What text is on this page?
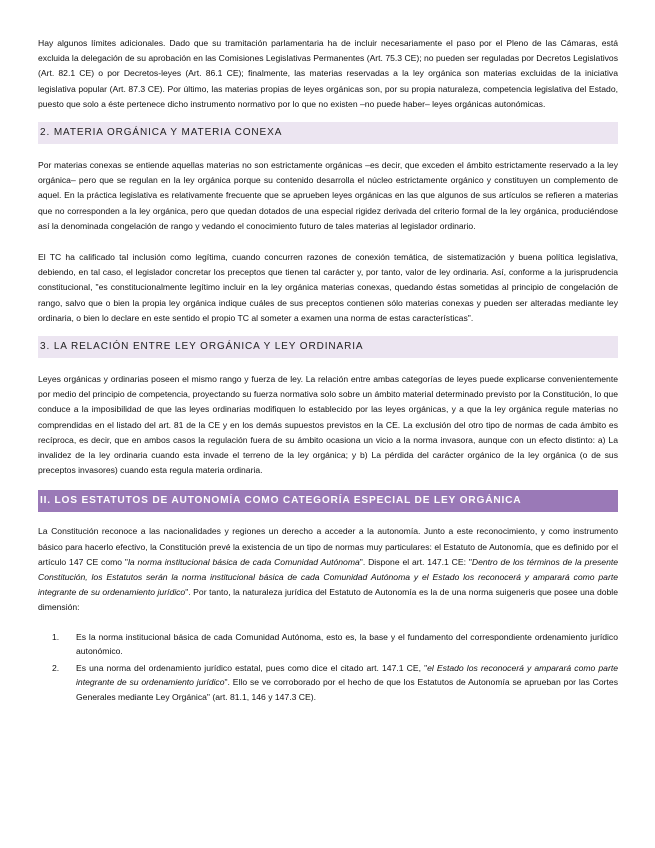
Hay algunos límites adicionales. Dado que su tramitación parlamentaria ha de incluir necesariamente el paso por el Pleno de las Cámaras, está excluida la delegación de su aprobación en las Comisiones Legislativas Permanentes (Art. 75.3 CE); no pueden ser reguladas por Decretos Legislativos (Art. 82.1 CE) o por Decretos-leyes (Art. 86.1 CE); finalmente, las materias reservadas a la ley orgánica son materias excluidas de la iniciativa legislativa popular (Art. 87.3 CE). Por último, las materias propias de leyes orgánicas son, por su propia naturaleza, competencia legislativa del Estado, puesto que solo a éste pertenece dicho instrumento normativo por lo que no existen –no puede haber– leyes orgánicas autonómicas.

2. MATERIA ORGÁNICA Y MATERIA CONEXA

Por materias conexas se entiende aquellas materias no son estrictamente orgánicas –es decir, que exceden el ámbito estrictamente reservado a la ley orgánica– pero que se regulan en la ley orgánica porque su contenido desarrolla el núcleo estrictamente orgánico y constituyen un complemento de aquel. En la práctica legislativa es relativamente frecuente que se aprueben leyes orgánicas en las que algunos de sus artículos se refieren a materias que no corresponden a la ley orgánica, pero que quedan dotados de una especial rigidez derivada del criterio formal de la ley orgánica, produciéndose así la denominada congelación de rango y vedando el conocimiento futuro de tales materias al legislador ordinario.

El TC ha calificado tal inclusión como legítima, cuando concurren razones de conexión temática, de sistematización y buena política legislativa, debiendo, en tal caso, el legislador concretar los preceptos que tienen tal carácter y, por tanto, valor de ley ordinaria. Así, conforme a la jurisprudencia constitucional, "es constitucionalmente legítimo incluir en la ley orgánica materias conexas, quedando éstas sometidas al principio de congelación de rango, salvo que o bien la propia ley orgánica indique cuáles de sus preceptos contienen sólo materias conexas y pueden ser alteradas mediante ley ordinaria, o bien lo declare en este sentido el propio TC al someter a examen una norma de estas características".

3. LA RELACIÓN ENTRE LEY ORGÁNICA Y LEY ORDINARIA

Leyes orgánicas y ordinarias poseen el mismo rango y fuerza de ley. La relación entre ambas categorías de leyes puede explicarse convenientemente por medio del principio de competencia, proyectando su fuerza normativa solo sobre un ámbito material determinado previsto por la Constitución, lo que conduce a la imposibilidad de que las leyes ordinarias modifiquen lo establecido por las leyes orgánicas, y a que la ley orgánica regule materias no comprendidas en el listado del art. 81 de la CE y en los demás supuestos previstos en la CE. La exclusión del otro tipo de normas de cada ámbito es recíproca, es decir, que en ambos casos la regulación fuera de su ámbito ocasiona un vicio a la norma invasora, aunque con un efecto distinto: a) La invalidez de la ley ordinaria cuando esta invade el terreno de la ley orgánica; y b) La pérdida del carácter orgánico de la ley orgánica (o de sus preceptos invasores) cuando esta regula materia ordinaria.

II. LOS ESTATUTOS DE AUTONOMÍA COMO CATEGORÍA ESPECIAL DE LEY ORGÁNICA

La Constitución reconoce a las nacionalidades y regiones un derecho a acceder a la autonomía. Junto a este reconocimiento, y como instrumento básico para hacerlo efectivo, la Constitución prevé la existencia de un tipo de normas muy particulares: el Estatuto de Autonomía, que es definido por el artículo 147 CE como "la norma institucional básica de cada Comunidad Autónoma". Dispone el art. 147.1 CE: "Dentro de los términos de la presente Constitución, los Estatutos serán la norma institucional básica de cada Comunidad Autónoma y el Estado los reconocerá y amparará como parte integrante de su ordenamiento jurídico". Por tanto, la naturaleza jurídica del Estatuto de Autonomía es la de una norma suigeneris que posee una doble dimensión:

1.	Es la norma institucional básica de cada Comunidad Autónoma, esto es, la base y el fundamento del correspondiente ordenamiento jurídico autonómico.
2.	Es una norma del ordenamiento jurídico estatal, pues como dice el citado art. 147.1 CE, "el Estado los reconocerá y amparará como parte integrante de su ordenamiento jurídico". Ello se ve corroborado por el hecho de que los Estatutos de Autonomía se aprueban por las Cortes Generales mediante Ley Orgánica" (art. 81.1, 146 y 147.3 CE).
